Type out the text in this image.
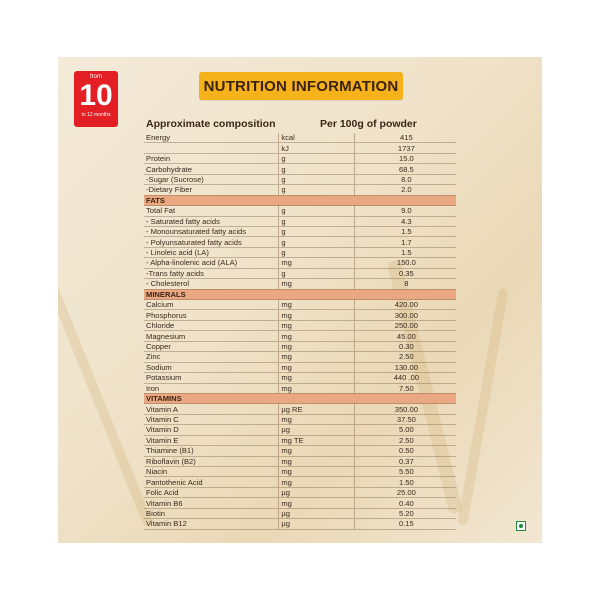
from
10
to 12 months
NUTRITION INFORMATION
Approximate composition	Per 100g of powder
Energy	kcal	415
	kJ	1737
Protein	g	15.0
Carbohydrate	g	68.5
-Sugar (Sucrose)	g	8.0
-Dietary Fiber	g	2.0
FATS		
Total Fat	g	9.0
- Saturated fatty acids	g	4.3
- Monounsaturated fatty acids	g	1.5
- Polyunsaturated fatty acids	g	1.7
- Linoleic acid (LA)	g	1.5
- Alpha-linolenic acid (ALA)	mg	150.0
-Trans fatty acids	g	0.35
- Cholesterol	mg	8
MINERALS		
Calcium	mg	420.00
Phosphorus	mg	300.00
Chloride	mg	250.00
Magnesium	mg	45.00
Copper	mg	0.30
Zinc	mg	2.50
Sodium	mg	130.00
Potassium	mg	440 .00
Iron	mg	7.50
VITAMINS		
Vitamin A	µg RE	350.00
Vitamin C	mg	37.50
Vitamin D	µg	5.00
Vitamin E	mg TE	2.50
Thiamine (B1)	mg	0.50
Riboflavin (B2)	mg	0.37
Niacin	mg	5.50
Pantothenic Acid	mg	1.50
Folic Acid	µg	25.00
Vitamin B6	mg	0.40
Biotin	µg	5.20
Vitamin B12	µg	0.15
